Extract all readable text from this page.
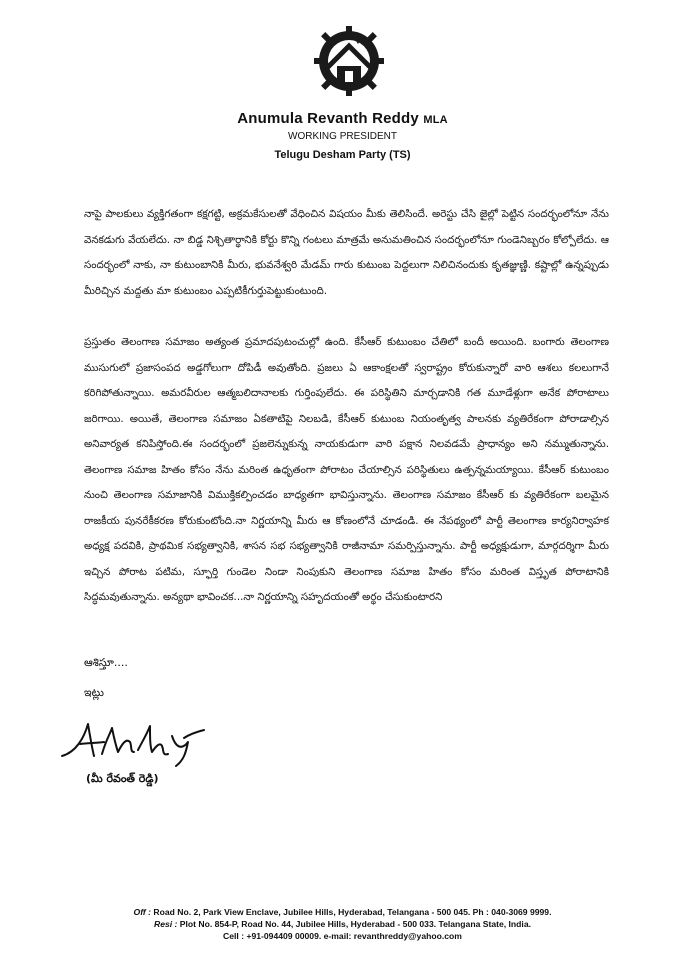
Anumula Revanth Reddy MLA
WORKING PRESIDENT
Telugu Desham Party (TS)

నాపై పాలకులు వ్యక్తిగతంగా కక్షగట్టి, అక్రమకేసులతో వేధించిన విషయం మీకు తెలిసిందే. అరెస్టు చేసి జైల్లో పెట్టిన సందర్భంలోనూ నేను వెనకడుగు వేయలేదు. నా బిడ్డ నిశ్చితార్థానికి కోర్టు కొన్ని గంటలు మాత్రమే అనుమతించిన సందర్భంలోనూ గుండెనిబ్బరం కోల్పోలేదు. ఆ సందర్భంలో నాకు, నా కుటుంబానికి మీరు, భువనేశ్వరి మేడమ్ గారు కుటుంబ పెద్దలుగా నిలిచినందుకు కృతజ్ఞుణ్ణి. కష్టాల్లో ఉన్నప్పుడు మీరిచ్చిన మద్దతు మా కుటుంబం ఎప్పటికీగుర్తుపెట్టుకుంటుంది.

ప్రస్తుతం తెలంగాణ సమాజం అత్యంత ప్రమాదపుటంచుల్లో ఉంది. కేసీఆర్ కుటుంబం చేతిలో బందీ అయింది. బంగారు తెలంగాణ ముసుగులో ప్రజాసంపద అడ్డగోలుగా దోపిడీ అవుతోంది. ప్రజలు ఏ ఆకాంక్షలతో స్వరాష్ట్రం కోరుకున్నారో వారి ఆశలు కలలుగానే కరిగిపోతున్నాయి. అమరవీరుల ఆత్మబలిదానాలకు గుర్తింపులేదు. ఈ పరిస్థితిని మార్చడానికి గత మూడేళ్లుగా అనేక పోరాటాలు జరిగాయి. అయితే, తెలంగాణ సమాజం ఏకతాటిపై నిలబడి, కేసీఆర్ కుటుంబ నియంతృత్వ పాలనకు వ్యతిరేకంగా పోరాడాల్సిన అనివార్యత కనిపిస్తోంది.ఈ సందర్భంలో ప్రజలెన్నుకున్న నాయకుడుగా వారి పక్షాన నిలవడమే ప్రాధాన్యం అని నమ్ముతున్నాను. తెలంగాణ సమాజ హితం కోసం నేను మరింత ఉధృతంగా పోరాటం చేయాల్సిన పరిస్థితులు ఉత్పన్నమయ్యాయి. కేసీఆర్ కుటుంబం నుంచి తెలంగాణ సమాజానికి విముక్తికల్పించడం బాధ్యతగా భావిస్తున్నాను. తెలంగాణ సమాజం కేసీఆర్ కు వ్యతిరేకంగా బలమైన రాజకీయ పునరేకీకరణ కోరుకుంటోంది.నా నిర్ణయాన్ని మీరు ఆ కోణంలోనే చూడండి. ఈ నేపథ్యంలో పార్టీ తెలంగాణ కార్యనిర్వాహక అధ్యక్ష పదవికి, ప్రాథమిక సభ్యత్వానికి, శాసన సభ సభ్యత్వానికి రాజీనామా సమర్పిస్తున్నాను. పార్టీ అధ్యక్షుడుగా, మార్గదర్శిగా మీరు ఇచ్చిన పోరాట పటిమ, స్ఫూర్తి గుండెల నిండా నింపుకుని తెలంగాణ సమాజ హితం కోసం మరింత విస్తృత పోరాటానికి సిద్ధమవుతున్నాను. అన్యథా భావించక...నా నిర్ణయాన్ని సహృదయంతో అర్థం చేసుకుంటారని

ఆశిస్తూ....
ఇట్లు
(మీ రేవంత్ రెడ్డి)
Off : Road No. 2, Park View Enclave, Jubilee Hills, Hyderabad, Telangana - 500 045. Ph : 040-3069 9999.
Resi : Plot No. 854-P, Road No. 44, Jubilee Hills, Hyderabad - 500 033. Telangana State, India.
Cell : +91-094409 00009. e-mail: revanthreddy@yahoo.com
